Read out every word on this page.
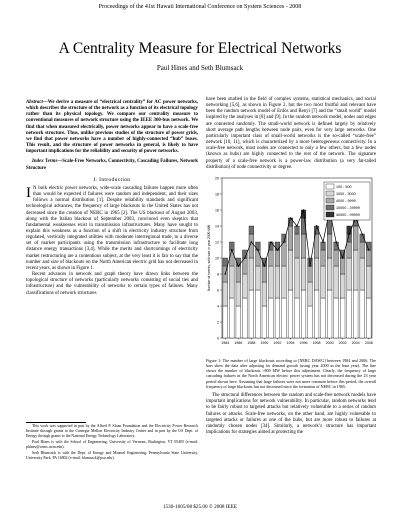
Proceedings of the 41st Hawaii International Conference on System Sciences - 2008
A Centrality Measure for Electrical Networks
Paul Hines and Seth Blumsack

Abstract—We derive a measure of “electrical centrality” for AC power networks, which describes the structure of the network as a function of its electrical topology rather than its physical topology. We compare our centrality measure to conventional measures of network structure using the IEEE 300-bus network. We find that when measured electrically, power networks appear to have a scale-free network structure. Thus, unlike previous studies of the structure of power grids, we find that power networks have a number of highly-connected “hub” buses. This result, and the structure of power networks in general, is likely to have important implications for the reliability and security of power networks.

Index Terms—Scale-Free Networks, Connectivity, Cascading Failures, Network Structure

I. Introduction

I N bulk electric power networks, wide-scale cascading failures happen more often than would be expected if failures were random and independent, and their sizes follows a normal distribution [1]. Despite reliability standards and significant technological advances, the frequency of large blackouts in the United States has not decreased since the creation of NERC in 1965 [2]. The US blackout of August 2003, along with the Italian blackout of September 2003, convinced even skeptics that fundamental weaknesses exist in transmission infrastructures. Many have sought to explain this weakness as a function of a shift in electricity industry structure from regulated, vertically integrated utilities with moderate interregional trade, to a diverse set of market participants using the transmission infrastructure to facilitate long distance energy transactions [3,4]. While the merits and shortcomings of electricity market restructuring are a contentious subject, at the very least it is fair to say that the number and size of blackouts on the North American electric grid has not decreased in recent years, as shown in Figure 1.

Recent advances in network and graph theory have drawn links between the topological structure of networks (particularly networks consisting of social ties and infrastructure) and the vulnerability of networks to certain types of failures. Many classifications of network structures

This work was supported in part by the Alfred P. Sloan Foundation and the Electricity Power Research Institute through grants to the Carnegie Mellon Electricity Industry Center and in part by the US Dept. of Energy through grants to the National Energy Technology Laboratory.

Paul Hines is with the School of Engineering, University of Vermont, Burlington, VT 05405 (e-mail: phines@cems.uvm.edu).

Seth Blumsack is with the Dept. of Energy and Mineral Engineering, Pennsylvania State University, University Park, PA 16802 (e-mail: blumsack@psu.edu).

have been studied in the field of complex systems, statistical mechanics, and social networking [5,6], as shown in Figure 2, but the two most fruitful and relevant have been the random network model of Erdös and Renyi [7] and the “small world” model inspired by the analyses in [8] and [9]. In the random network model, nodes and edges are connected randomly. The small-world network is defined largely by relatively short average path lengths between node pairs, even for very large networks. One particularly important class of small-world networks is the so-called “scale-free” network [10, 11], which is characterized by a more heterogeneous connectivity. In a scale-free network, most nodes are connected to only a few others, but a few nodes (known as hubs) are highly connected to the rest of the network. The signature property of a scale-free network is a power-law distribution (a very fat-tailed distribution) of node connectivity or degree.

0
2
4
6
8
10
12
14
16
18
20
Number of events, with size in year 2000 MW
1984 1986 1988 1990 1992 1994 1996 1998 2000 2002 2004 2006
100 - 500
1000 - 3000
4000 - 9999
10000 - 39999
40000 - 99999
Figure 1: The number of large blackouts according to [NERC DAWG] between 1984 and 2006. The bars show the data after adjusting for demand growth (using year 2000 as the base year). The line shows the number of blackouts >800 MW before this adjustment. Clearly, the frequency of large cascading failures in the North American electric power system has not decreased during the 23 year period shown here. Assuming that large failures were not more common before this period, the overall frequency of large blackouts has not decreased since the formation of NERC in 1965.

The structural differences between the random and scale-free network models have important implications for network vulnerability. In particular, random networks tend to be fairly robust to targeted attacks but relatively vulnerable to a series of random failures or attacks. Scale-free networks, on the other hand, are highly vulnerable to targeted attacks or failures at one of the hubs, but are more robust to failures at randomly chosen nodes [34]. Similarly, a network’s structure has important implications for strategies aimed at protecting the

1530-1605/08 $25.00 © 2008 IEEE
